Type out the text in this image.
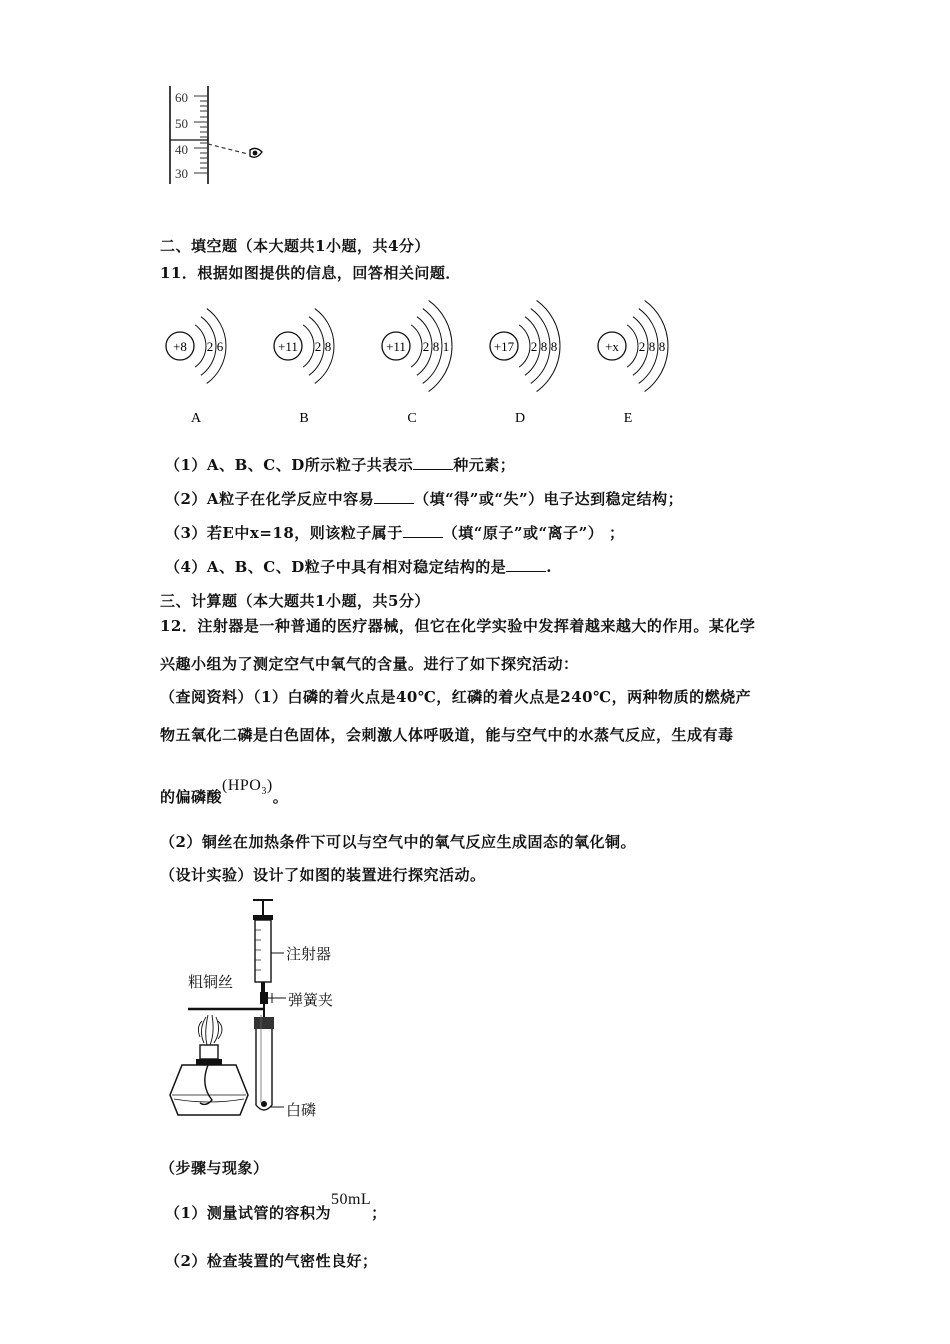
60
50
40
30
二、填空题（本大题共1小题，共4分）
11．根据如图提供的信息，回答相关问题．
+8 2 6
A
+11 2 8
B
+11 2 8 1
C
+17 2 8 8
D
+x 2 8 8
E
（1）A、B、C、D所示粒子共表示	种元素；
（2）A粒子在化学反应中容易	（填“得”或“失”）电子达到稳定结构；
（3）若E中x=18，则该粒子属于	（填“原子”或“离子”） ；
（4）A、B、C、D粒子中具有相对稳定结构的是	.
三、计算题（本大题共1小题，共5分）
12．注射器是一种普通的医疗器械，但它在化学实验中发挥着越来越大的作用。某化学
兴趣小组为了测定空气中氧气的含量。进行了如下探究活动：
（查阅资料）（1）白磷的着火点是40℃，红磷的着火点是240℃，两种物质的燃烧产
物五氧化二磷是白色固体，会刺激人体呼吸道，能与空气中的水蒸气反应，生成有毒
的偏磷酸$(HPO_3)$。
（2）铜丝在加热条件下可以与空气中的氧气反应生成固态的氧化铜。
（设计实验）设计了如图的装置进行探究活动。
注射器
弹簧夹
粗铜丝
白磷
（步骤与现象）
（1）测量试管的容积为50mL；
（2）检查装置的气密性良好；
